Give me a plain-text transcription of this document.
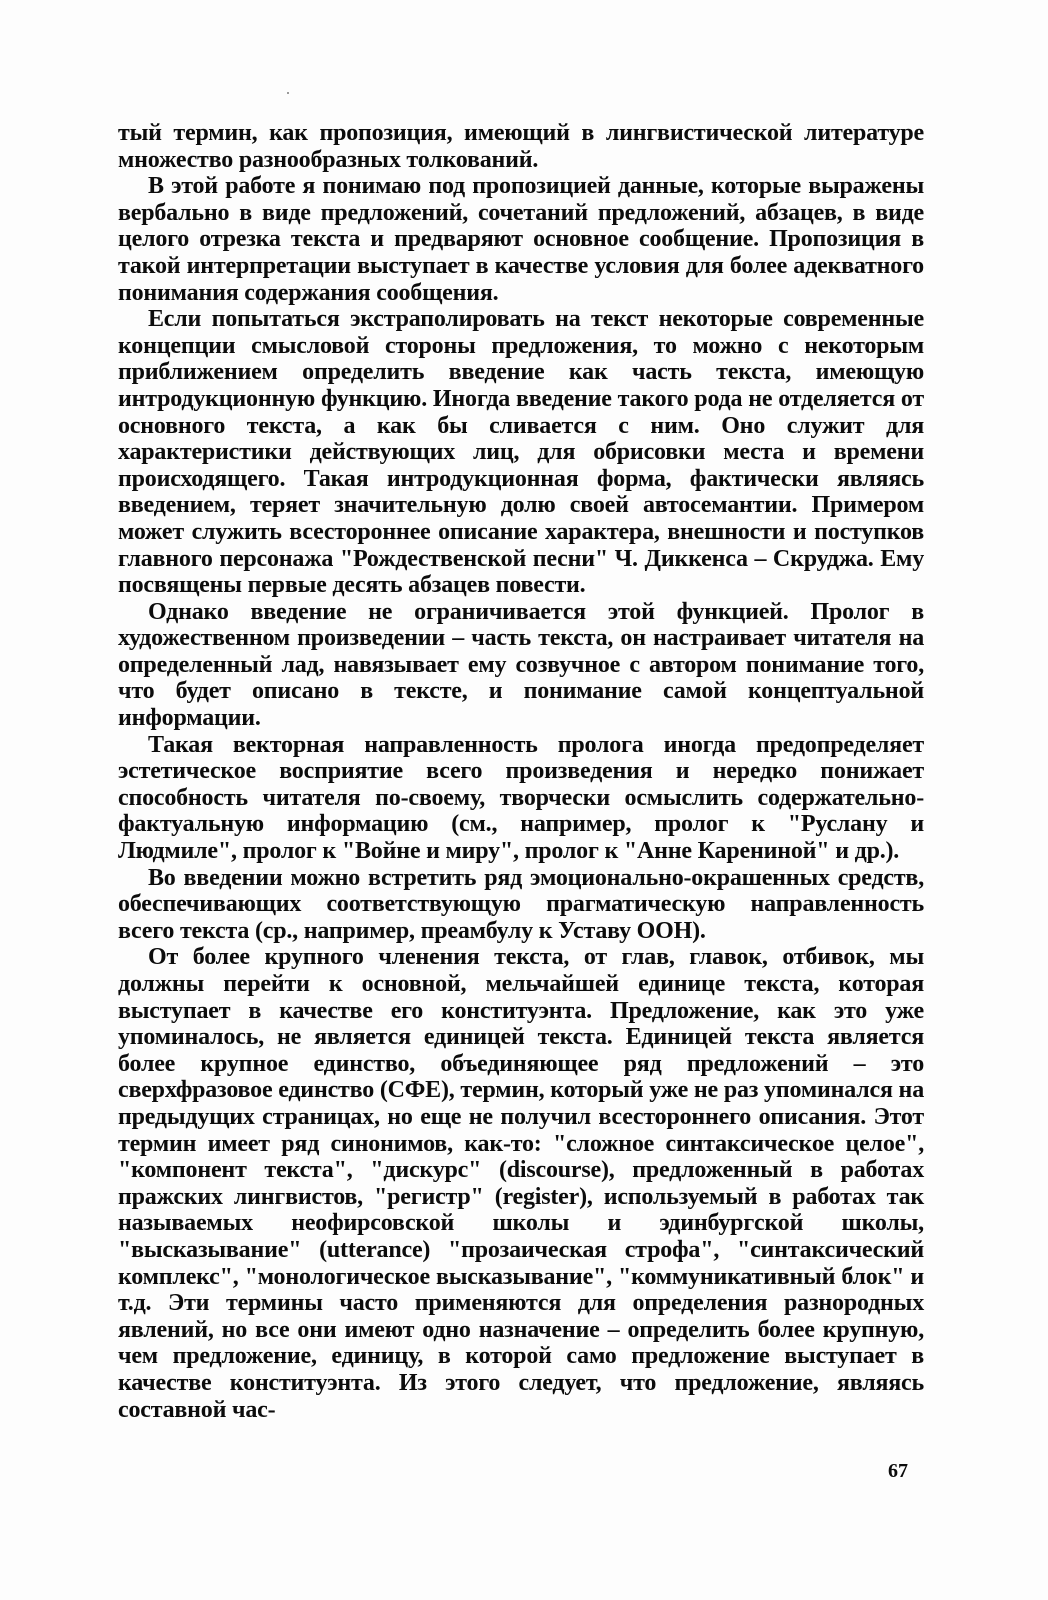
тый термин, как пропозиция, имеющий в лингвистической литературе множество разнообразных толкований.

В этой работе я понимаю под пропозицией данные, которые выражены вербально в виде предложений, сочетаний предложений, абзацев, в виде целого отрезка текста и предваряют основное сообщение. Пропозиция в такой интерпретации выступает в качестве условия для более адекватного понимания содержания сообщения.

Если попытаться экстраполировать на текст некоторые современные концепции смысловой стороны предложения, то можно с некоторым приближением определить введение как часть текста, имеющую интродукционную функцию. Иногда введение такого рода не отделяется от основного текста, а как бы сливается с ним. Оно служит для характеристики действующих лиц, для обрисовки места и времени происходящего. Такая интродукционная форма, фактически являясь введением, теряет значительную долю своей автосемантии. Примером может служить всестороннее описание характера, внешности и поступков главного персонажа "Рождественской песни" Ч. Диккенса – Скруджа. Ему посвящены первые десять абзацев повести.

Однако введение не ограничивается этой функцией. Пролог в художественном произведении – часть текста, он настраивает читателя на определенный лад, навязывает ему созвучное с автором понимание того, что будет описано в тексте, и понимание самой концептуальной информации.

Такая векторная направленность пролога иногда предопределяет эстетическое восприятие всего произведения и нередко понижает способность читателя по-своему, творчески осмыслить содержательно-фактуальную информацию (см., например, пролог к "Руслану и Людмиле", пролог к "Войне и миру", пролог к "Анне Карениной" и др.).

Во введении можно встретить ряд эмоционально-окрашенных средств, обеспечивающих соответствующую прагматическую направленность всего текста (ср., например, преамбулу к Уставу ООН).

От более крупного членения текста, от глав, главок, отбивок, мы должны перейти к основной, мельчайшей единице текста, которая выступает в качестве его конституэнта. Предложение, как это уже упоминалось, не является единицей текста. Единицей текста является более крупное единство, объединяющее ряд предложений – это сверхфразовое единство (СФЕ), термин, который уже не раз упоминался на предыдущих страницах, но еще не получил всестороннего описания. Этот термин имеет ряд синонимов, как-то: "сложное синтаксическое целое", "компонент текста", "дискурс" (discourse), предложенный в работах пражских лингвистов, "регистр" (register), используемый в работах так называемых неофирсовской школы и эдинбургской школы, "высказывание" (utterance) "прозаическая строфа", "синтаксический комплекс", "монологическое высказывание", "коммуникативный блок" и т.д. Эти термины часто применяются для определения разнородных явлений, но все они имеют одно назначение – определить более крупную, чем предложение, единицу, в которой само предложение выступает в качестве конституэнта. Из этого следует, что предложение, являясь составной час-

67
